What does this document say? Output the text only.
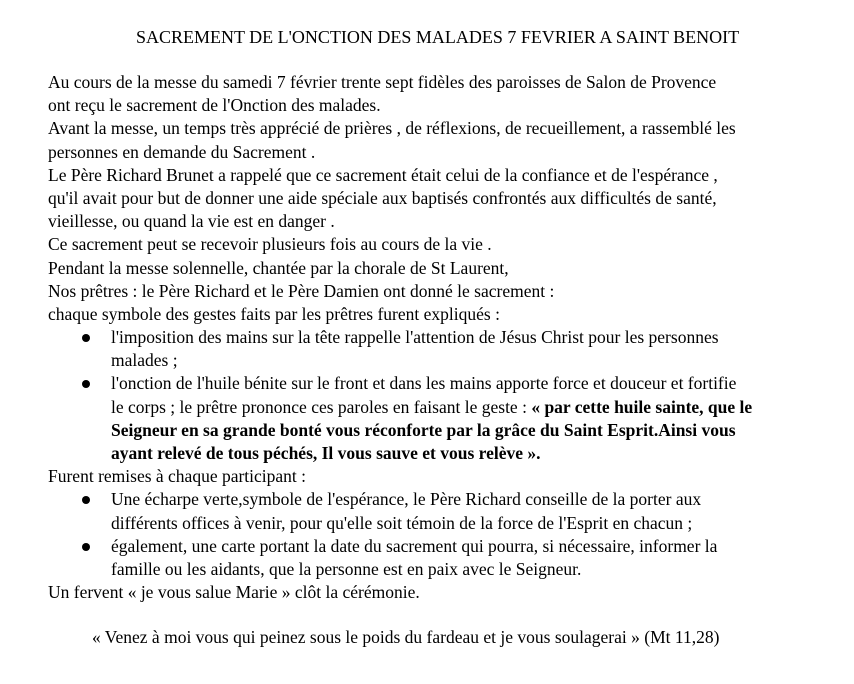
SACREMENT DE L'ONCTION DES MALADES 7 FEVRIER A SAINT BENOIT
Au cours de la messe du samedi 7 février trente sept fidèles des paroisses de Salon de Provence
ont reçu le sacrement de l'Onction des malades.
Avant la messe, un temps très apprécié de prières , de réflexions, de recueillement, a rassemblé les
personnes en demande du Sacrement .
Le Père Richard Brunet a rappelé que ce sacrement était celui de la confiance et de l'espérance ,
qu'il avait pour but de donner une aide spéciale aux baptisés confrontés aux difficultés de santé,
vieillesse, ou quand la vie est en danger .
Ce sacrement peut se recevoir plusieurs fois au cours de la vie .
Pendant la messe solennelle, chantée par la chorale de St Laurent,
Nos prêtres : le Père Richard et le Père Damien ont donné le sacrement :
chaque symbole des gestes faits par les prêtres furent expliqués :
l'imposition des mains sur la tête rappelle l'attention de Jésus Christ pour les personnes
malades ;
l'onction de l'huile bénite sur le front et dans les mains apporte force et douceur et fortifie
le corps ; le prêtre prononce ces paroles en faisant le geste : « par cette huile sainte, que le
Seigneur en sa grande bonté vous réconforte par la grâce du Saint Esprit.Ainsi vous
ayant relevé de tous péchés, Il vous sauve et vous relève ».
Furent remises à chaque participant :
Une écharpe verte,symbole de l'espérance, le Père Richard conseille de la porter aux
différents offices à venir, pour qu'elle soit témoin de la force de l'Esprit en chacun ;
également, une carte portant la date du sacrement qui pourra, si nécessaire, informer la
famille ou les aidants, que la personne est en paix avec le Seigneur.
Un fervent « je vous salue Marie » clôt la cérémonie.
« Venez à moi vous qui peinez sous le poids du fardeau et je vous soulagerai » (Mt 11,28)
